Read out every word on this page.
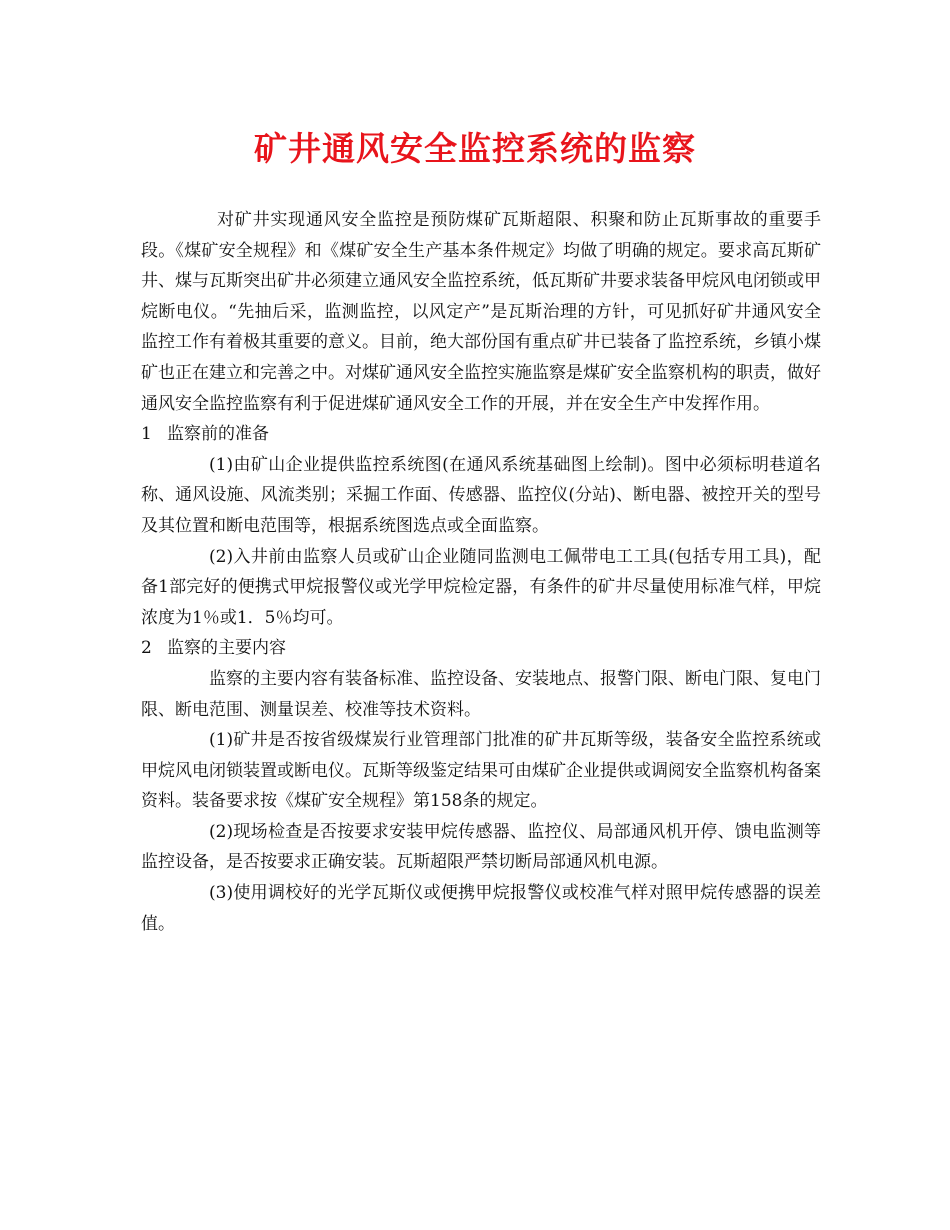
矿井通风安全监控系统的监察

对矿井实现通风安全监控是预防煤矿瓦斯超限、积聚和防止瓦斯事故的重要手段。《煤矿安全规程》和《煤矿安全生产基本条件规定》均做了明确的规定。要求高瓦斯矿井、煤与瓦斯突出矿井必须建立通风安全监控系统，低瓦斯矿井要求装备甲烷风电闭锁或甲烷断电仪。“先抽后采，监测监控，以风定产”是瓦斯治理的方针，可见抓好矿井通风安全监控工作有着极其重要的意义。目前，绝大部份国有重点矿井已装备了监控系统，乡镇小煤矿也正在建立和完善之中。对煤矿通风安全监控实施监察是煤矿安全监察机构的职责，做好通风安全监控监察有利于促进煤矿通风安全工作的开展，并在安全生产中发挥作用。

1 监察前的准备

(1)由矿山企业提供监控系统图(在通风系统基础图上绘制)。图中必须标明巷道名称、通风设施、风流类别；采掘工作面、传感器、监控仪(分站)、断电器、被控开关的型号及其位置和断电范围等，根据系统图选点或全面监察。

(2)入井前由监察人员或矿山企业随同监测电工佩带电工工具(包括专用工具)，配备1部完好的便携式甲烷报警仪或光学甲烷检定器，有条件的矿井尽量使用标准气样，甲烷浓度为1％或1．5％均可。

2 监察的主要内容

监察的主要内容有装备标准、监控设备、安装地点、报警门限、断电门限、复电门限、断电范围、测量误差、校准等技术资料。

(1)矿井是否按省级煤炭行业管理部门批准的矿井瓦斯等级，装备安全监控系统或甲烷风电闭锁装置或断电仪。瓦斯等级鉴定结果可由煤矿企业提供或调阅安全监察机构备案资料。装备要求按《煤矿安全规程》第158条的规定。

(2)现场检查是否按要求安装甲烷传感器、监控仪、局部通风机开停、馈电监测等监控设备，是否按要求正确安装。瓦斯超限严禁切断局部通风机电源。

(3)使用调校好的光学瓦斯仪或便携甲烷报警仪或校准气样对照甲烷传感器的误差值。
